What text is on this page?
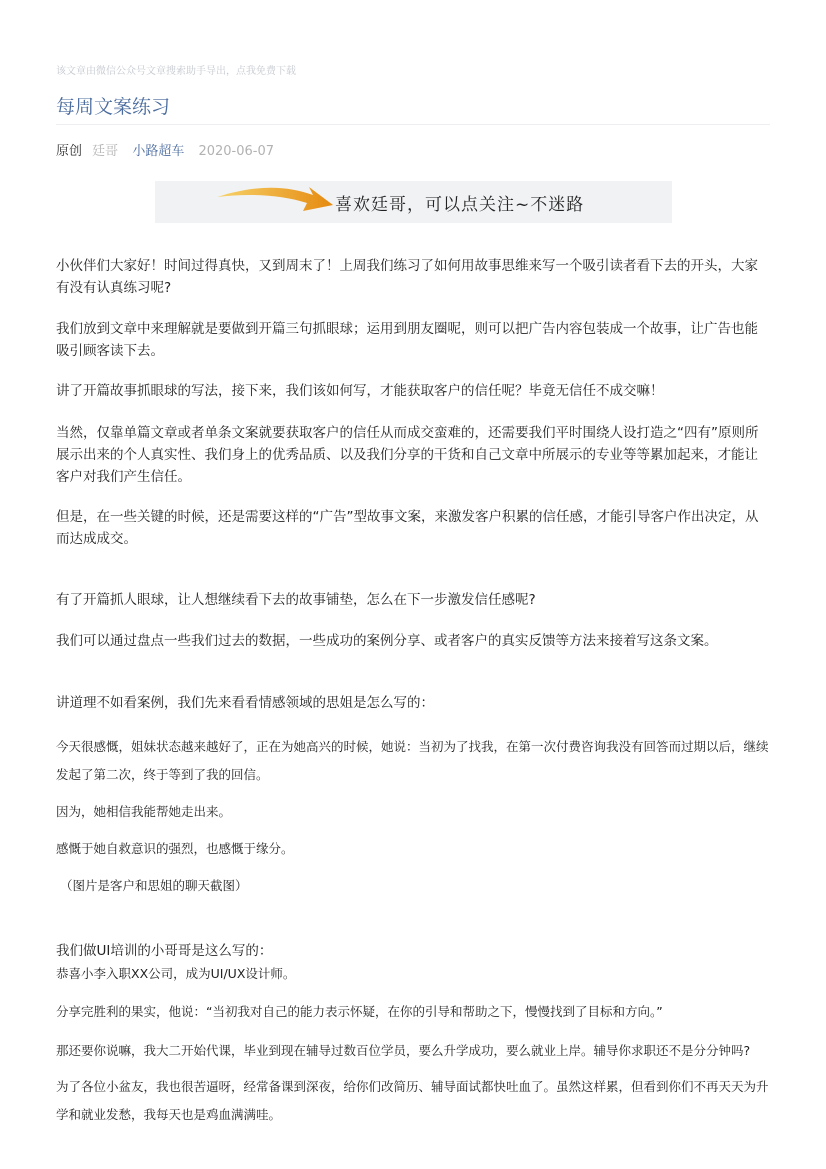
该文章由微信公众号文章搜索助手导出，点我免费下载
每周文案练习
原创 廷哥 小路超车 2020-06-07
喜欢廷哥，可以点关注~不迷路

小伙伴们大家好！时间过得真快，又到周末了！上周我们练习了如何用故事思维来写一个吸引读者看下去的开头，大家有没有认真练习呢?

我们放到文章中来理解就是要做到开篇三句抓眼球；运用到朋友圈呢，则可以把广告内容包装成一个故事，让广告也能吸引顾客读下去。

讲了开篇故事抓眼球的写法，接下来，我们该如何写，才能获取客户的信任呢？毕竟无信任不成交嘛！

当然，仅靠单篇文章或者单条文案就要获取客户的信任从而成交蛮难的，还需要我们平时围绕人设打造之“四有”原则所展示出来的个人真实性、我们身上的优秀品质、以及我们分享的干货和自己文章中所展示的专业等等累加起来，才能让客户对我们产生信任。

但是，在一些关键的时候，还是需要这样的“广告”型故事文案，来激发客户积累的信任感，才能引导客户作出决定，从而达成成交。

有了开篇抓人眼球，让人想继续看下去的故事铺垫，怎么在下一步激发信任感呢?

我们可以通过盘点一些我们过去的数据，一些成功的案例分享、或者客户的真实反馈等方法来接着写这条文案。

讲道理不如看案例，我们先来看看情感领域的思姐是怎么写的：

今天很感慨，姐妹状态越来越好了，正在为她高兴的时候，她说：当初为了找我，在第一次付费咨询我没有回答而过期以后，继续发起了第二次，终于等到了我的回信。

因为，她相信我能帮她走出来。

感慨于她自救意识的强烈，也感慨于缘分。

（图片是客户和思姐的聊天截图）

我们做UI培训的小哥哥是这么写的：

恭喜小李入职XX公司，成为UI/UX设计师。

分享完胜利的果实，他说：“当初我对自己的能力表示怀疑，在你的引导和帮助之下，慢慢找到了目标和方向。”

那还要你说嘛，我大二开始代课，毕业到现在辅导过数百位学员，要么升学成功，要么就业上岸。辅导你求职还不是分分钟吗?

为了各位小盆友，我也很苦逼呀，经常备课到深夜，给你们改简历、辅导面试都快吐血了。虽然这样累，但看到你们不再天天为升学和就业发愁，我每天也是鸡血满满哇。
